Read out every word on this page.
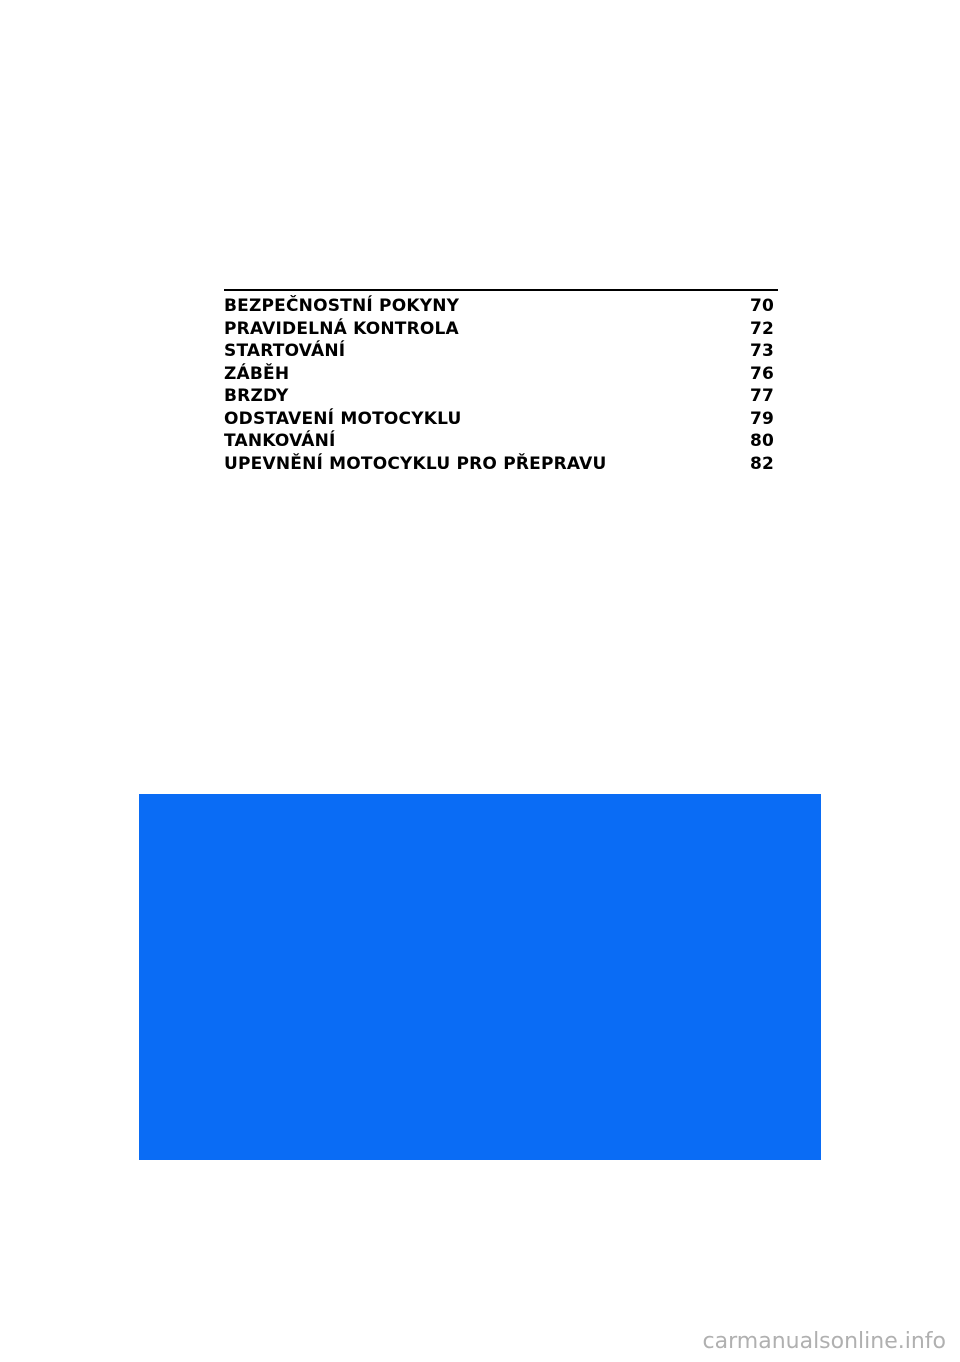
BEZPEČNOSTNÍ POKYNY	70
PRAVIDELNÁ KONTROLA	72
STARTOVÁNÍ	73
ZÁBĚH	76
BRZDY	77
ODSTAVENÍ MOTOCYKLU	79
TANKOVÁNÍ	80
UPEVNĚNÍ MOTOCYKLU PRO PŘEPRAVU	82
carmanualsonline.info
